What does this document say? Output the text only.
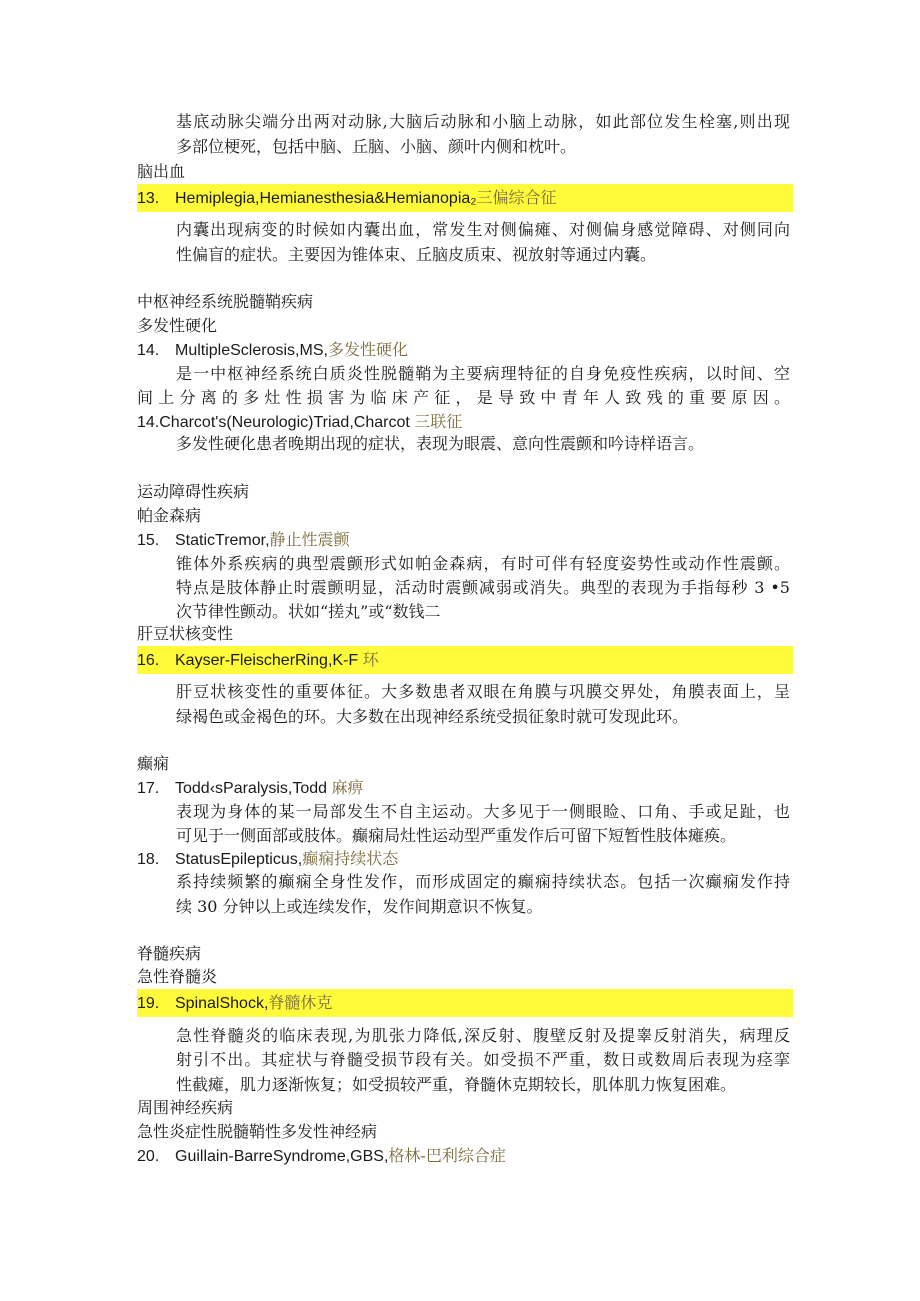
基底动脉尖端分出两对动脉,大脑后动脉和小脑上动脉，如此部位发生栓塞,则出现
多部位梗死，包括中脑、丘脑、小脑、颜叶内侧和枕叶。
脑出血
13. Hemiplegia,Hemianesthesia&Hemianopia₂三偏综合征
内囊出现病变的时候如内囊出血，常发生对侧偏瘫、对侧偏身感觉障碍、对侧同向
性偏盲的症状。主要因为锥体束、丘脑皮质束、视放射等通过内囊。
中枢神经系统脱髓鞘疾病
多发性硬化
14. MultipleSclerosis,MS,多发性硬化
是一中枢神经系统白质炎性脱髓鞘为主要病理特征的自身免疫性疾病，以时间、空
间上分离的多灶性损害为临床产征，是导致中青年人致残的重要原因。
14.Charcot's(Neurologic)Triad,Charcot 三联征
多发性硬化患者晚期出现的症状，表现为眼震、意向性震颤和吟诗样语言。
运动障碍性疾病
帕金森病
15. StaticTremor,静止性震颤
锥体外系疾病的典型震颤形式如帕金森病，有时可伴有轻度姿势性或动作性震颤。
特点是肢体静止时震颤明显，活动时震颤减弱或消失。典型的表现为手指每秒 3 •5
次节律性颤动。状如“搓丸”或“数钱二
肝豆状核变性
16. Kayser-FleischerRing,K-F 环
肝豆状核变性的重要体征。大多数患者双眼在角膜与巩膜交界处，角膜表面上，呈
绿褐色或金褐色的环。大多数在出现神经系统受损征象时就可发现此环。
癫痫
17. Todd‹sParalysis,Todd 麻痹
表现为身体的某一局部发生不自主运动。大多见于一侧眼睑、口角、手或足趾，也
可见于一侧面部或肢体。癫痫局灶性运动型严重发作后可留下短暂性肢体瘫痪。
18. StatusEpilepticus,癫痫持续状态
系持续频繁的癫痫全身性发作，而形成固定的癫痫持续状态。包括一次癫痫发作持
续 30 分钟以上或连续发作，发作间期意识不恢复。
脊髓疾病
急性脊髓炎
19. SpinalShock,脊髓休克
急性脊髓炎的临床表现,为肌张力降低,深反射、腹壁反射及提睾反射消失，病理反
射引不出。其症状与脊髓受损节段有关。如受损不严重，数日或数周后表现为痉挛
性截瘫，肌力逐渐恢复；如受损较严重，脊髓休克期较长，肌体肌力恢复困难。
周围神经疾病
急性炎症性脱髓鞘性多发性神经病
20. Guillain-BarreSyndrome,GBS,格林-巴利综合症
